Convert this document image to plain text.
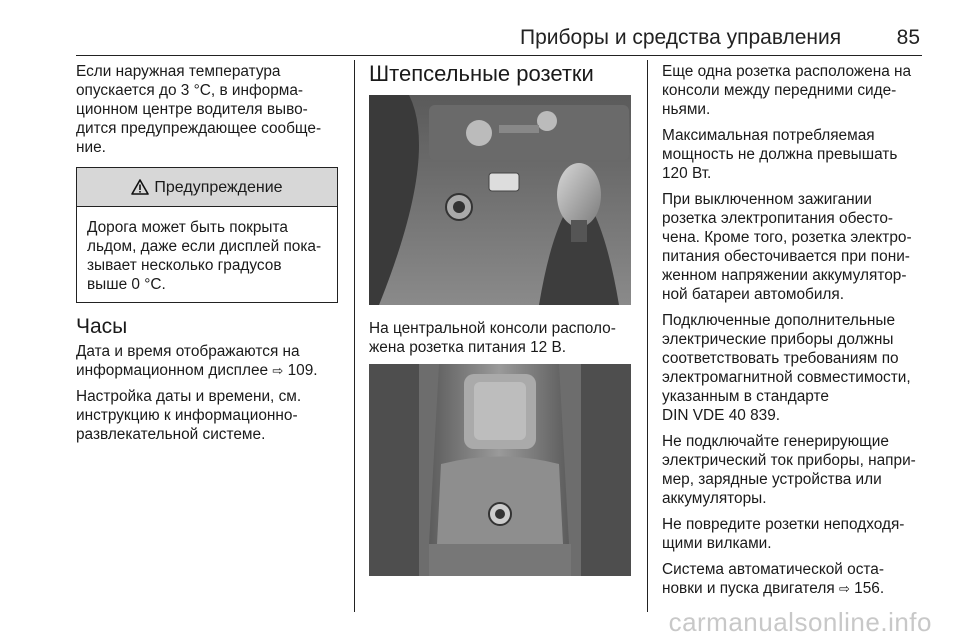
Приборы и средства управления	85

Если наружная температура
опускается до 3 °C, в информа-
ционном центре водителя выво-
дится предупреждающее сообще-
ние.

Предупреждение
Дорога может быть покрыта
льдом, даже если дисплей пока-
зывает несколько градусов
выше 0 °C.
Часы

Дата и время отображаются на
информационном дисплее ⇨ 109.

Настройка даты и времени, см.
инструкцию к информационно-
развлекательной системе.

Штепсельные розетки

На центральной консоли располо-
жена розетка питания 12 В.

Еще одна розетка расположена на
консоли между передними сиде-
ньями.

Максимальная потребляемая
мощность не должна превышать
120 Вт.

При выключенном зажигании
розетка электропитания обесто-
чена. Кроме того, розетка электро-
питания обесточивается при пони-
женном напряжении аккумулятор-
ной батареи автомобиля.

Подключенные дополнительные
электрические приборы должны
соответствовать требованиям по
электромагнитной совместимости,
указанным в стандарте
DIN VDE 40 839.

Не подключайте генерирующие
электрический ток приборы, напри-
мер, зарядные устройства или
аккумуляторы.

Не повредите розетки неподходя-
щими вилками.

Система автоматической оста-
новки и пуска двигателя ⇨ 156.

carmanualsonline.info
